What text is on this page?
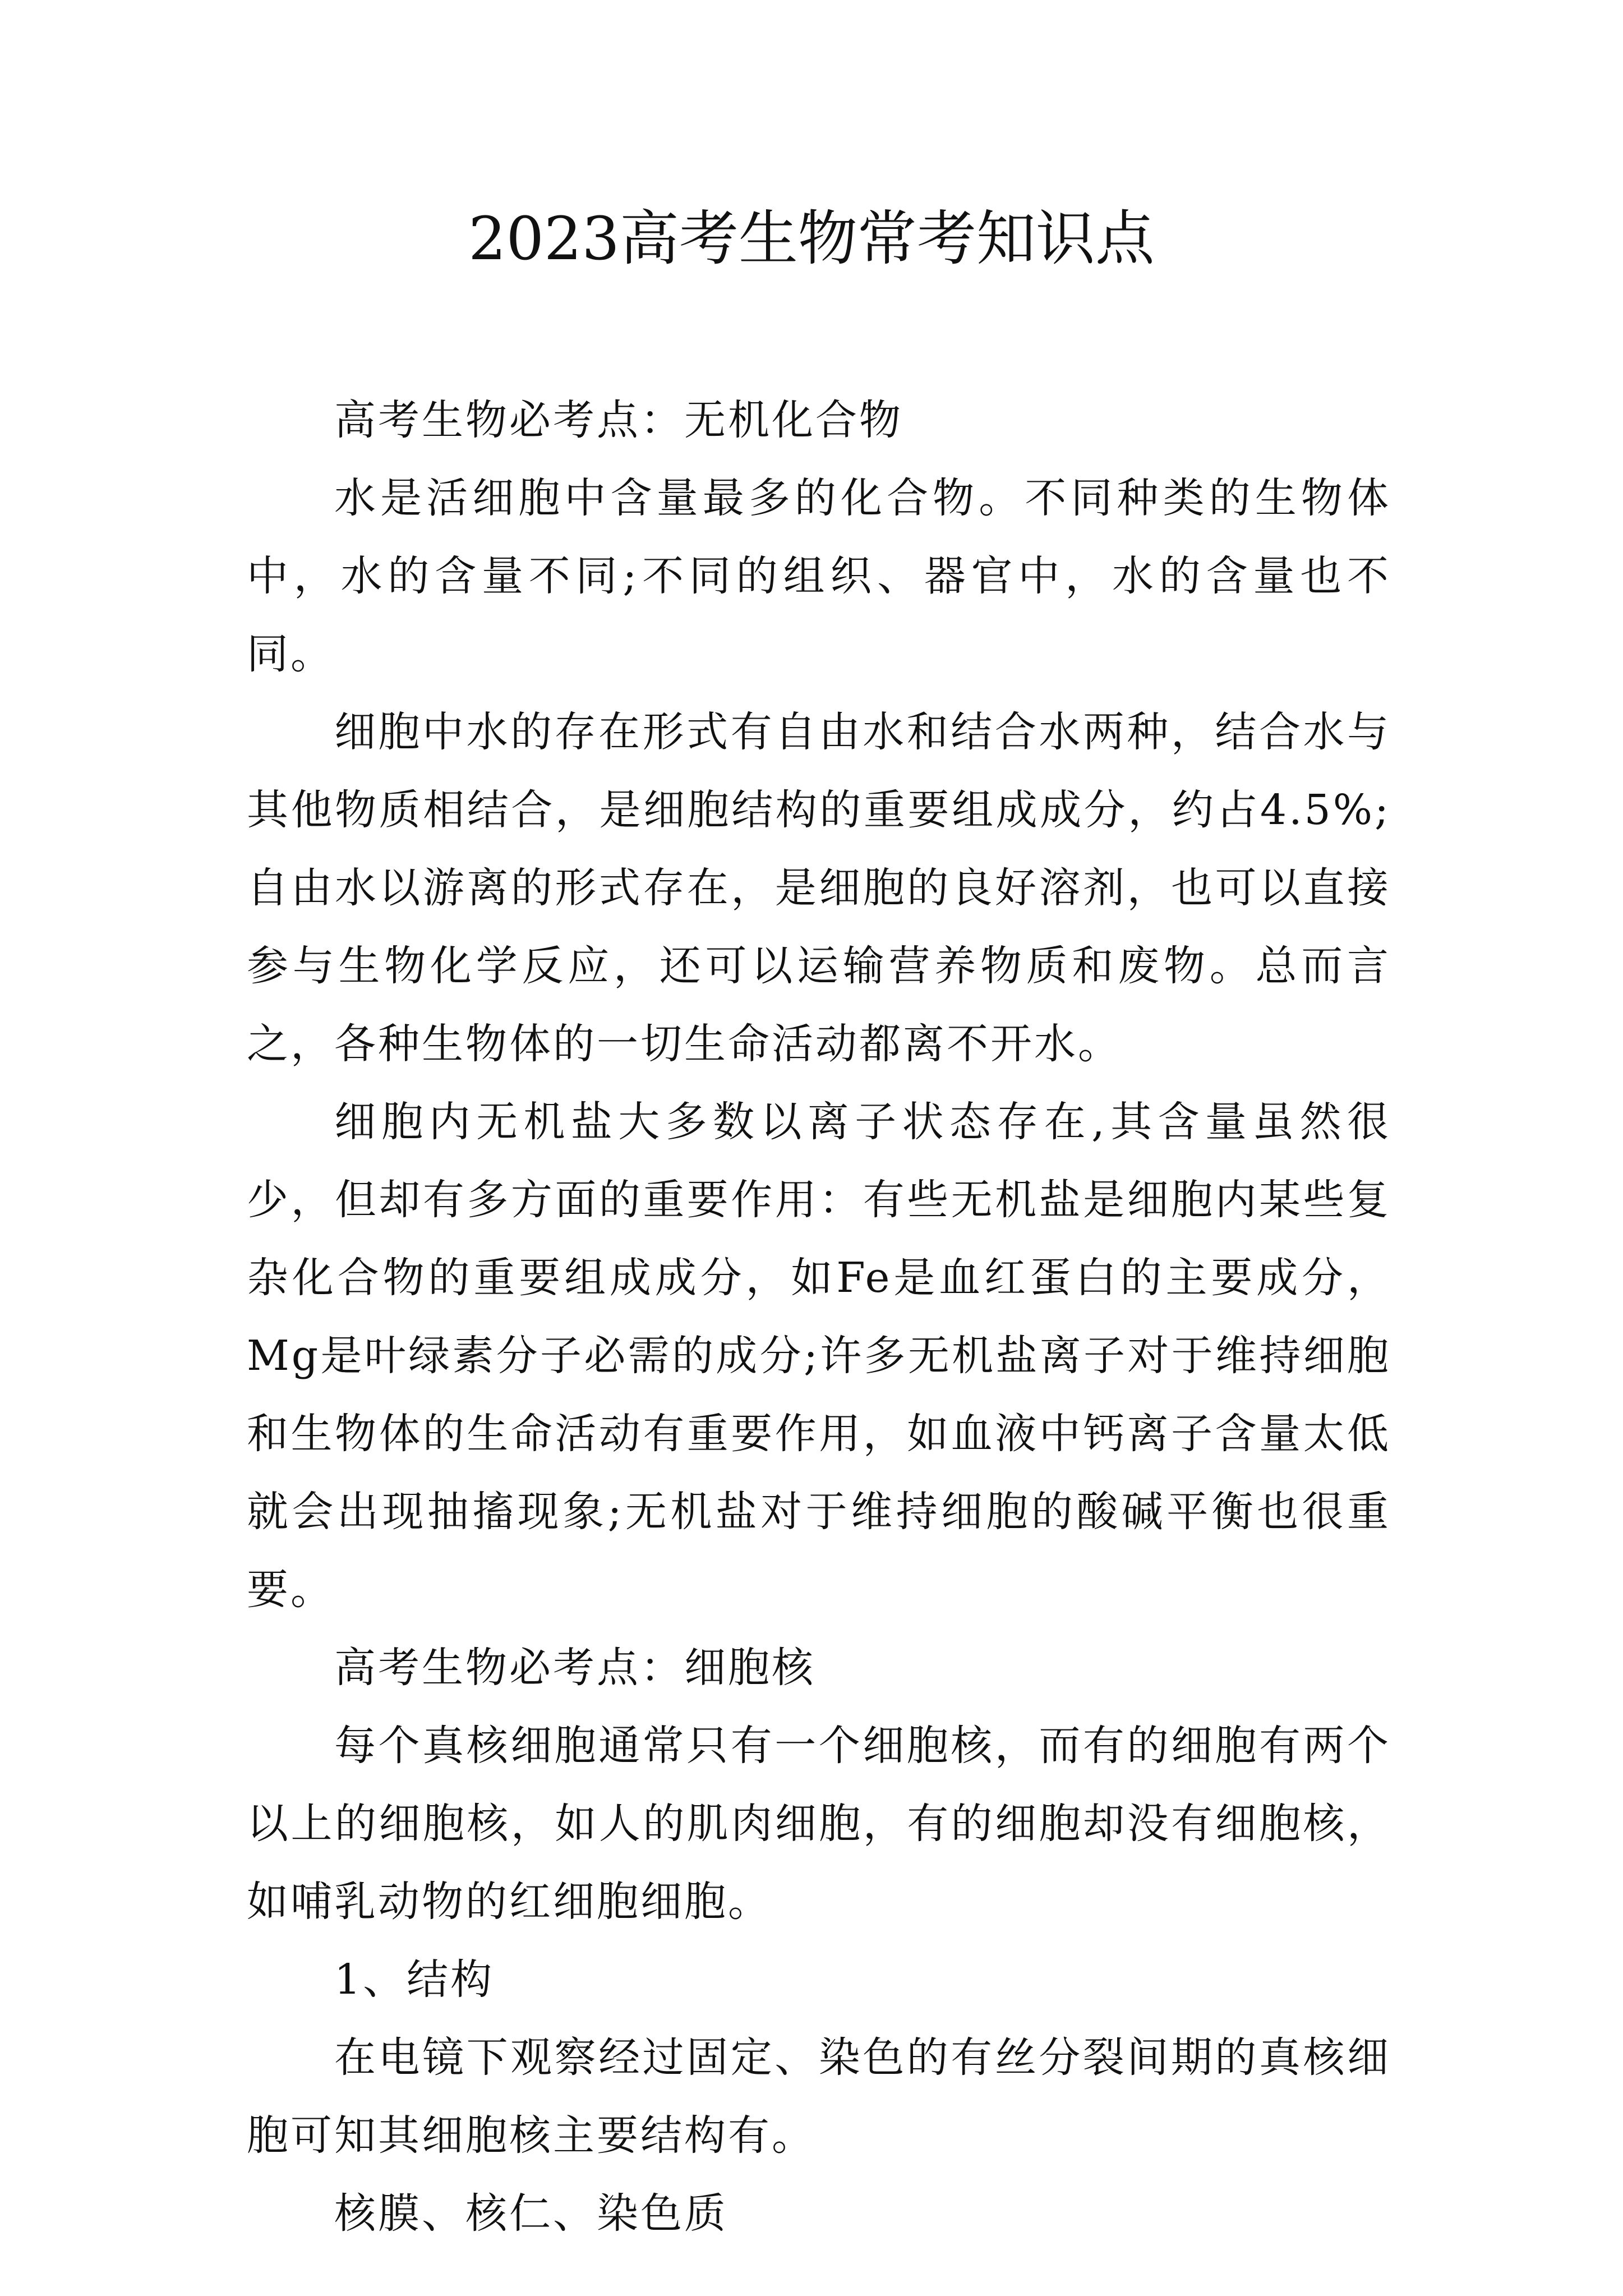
2023高考生物常考知识点

高考生物必考点：无机化合物

水是活细胞中含量最多的化合物。不同种类的生物体中，水的含量不同;不同的组织、器官中，水的含量也不同。

细胞中水的存在形式有自由水和结合水两种，结合水与其他物质相结合，是细胞结构的重要组成成分，约占4.5%;自由水以游离的形式存在，是细胞的良好溶剂，也可以直接参与生物化学反应，还可以运输营养物质和废物。总而言之，各种生物体的一切生命活动都离不开水。

细胞内无机盐大多数以离子状态存在,其含量虽然很少，但却有多方面的重要作用：有些无机盐是细胞内某些复杂化合物的重要组成成分，如Fe是血红蛋白的主要成分，Mg是叶绿素分子必需的成分;许多无机盐离子对于维持细胞和生物体的生命活动有重要作用，如血液中钙离子含量太低就会出现抽搐现象;无机盐对于维持细胞的酸碱平衡也很重要。

高考生物必考点：细胞核

每个真核细胞通常只有一个细胞核，而有的细胞有两个以上的细胞核，如人的肌肉细胞，有的细胞却没有细胞核，如哺乳动物的红细胞细胞。

1、结构

在电镜下观察经过固定、染色的有丝分裂间期的真核细胞可知其细胞核主要结构有。

核膜、核仁、染色质
